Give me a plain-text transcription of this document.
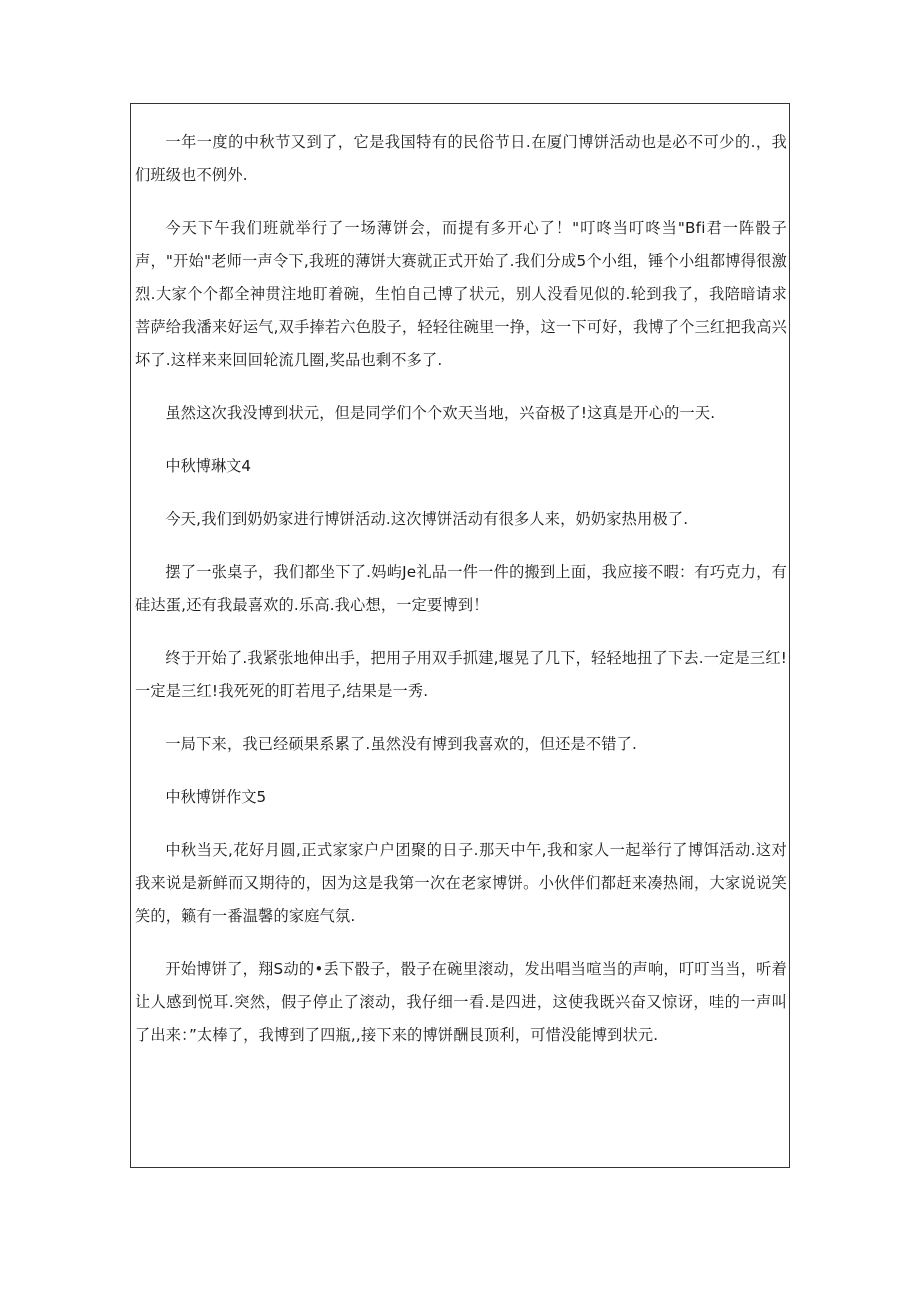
一年一度的中秋节又到了，它是我国特有的民俗节日.在厦门博饼活动也是必不可少的.，我们班级也不例外.

今天下午我们班就举行了一场薄饼会，而提有多开心了！"叮咚当叮咚当"Bfi君一阵骰子声，"开始"老师一声令下,我班的薄饼大赛就正式开始了.我们分成5个小组，锤个小组都博得很激烈.大家个个都全神贯注地盯着碗，生怕自己博了状元，别人没看见似的.轮到我了，我陪暗请求菩萨给我潘来好运气,双手捧若六色股子，轻轻往碗里一挣，这一下可好，我博了个三红把我高兴坏了.这样来来回回轮流几圈,奖品也剩不多了.

虽然这次我没博到状元，但是同学们个个欢天当地，兴奋极了!这真是开心的一天.

中秋博琳文4

今天,我们到奶奶家进行博饼活动.这次博饼活动有很多人来，奶奶家热用极了.

摆了一张桌子，我们都坐下了.妈屿Je礼品一件一件的搬到上面，我应接不暇：有巧克力，有硅达蛋,还有我最喜欢的.乐高.我心想，一定要博到！

终于开始了.我紧张地伸出手，把用子用双手抓建,堰晃了几下，轻轻地扭了下去.一定是三红!一定是三红!我死死的盯若甩子,结果是一秀.

一局下来，我已经硕果系累了.虽然没有博到我喜欢的，但还是不错了.

中秋博饼作文5

中秋当天,花好月圆,正式家家户户团聚的日子.那天中午,我和家人一起举行了博饵活动.这对我来说是新鲜而又期待的，因为这是我第一次在老家博饼。小伙伴们都赶来凑热闹，大家说说笑笑的，籁有一番温馨的家庭气氛.

开始博饼了，翔S动的•丢下骰子，骰子在碗里滚动，发出唱当喧当的声响，叮叮当当，听着让人感到悦耳.突然，假子停止了滚动，我仔细一看.是四进，这使我既兴奋又惊讶，哇的一声叫了出来：”太棒了，我博到了四瓶,,接下来的博饼酬艮顶利，可惜没能博到状元.
